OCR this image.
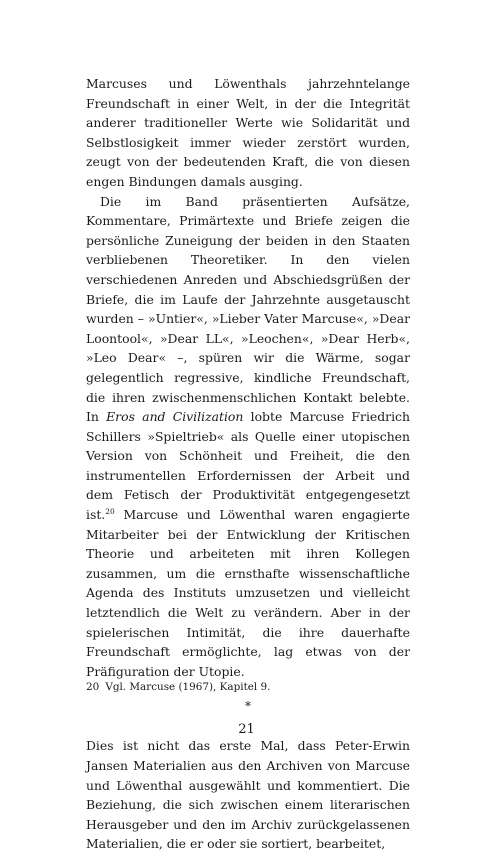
Marcuses und Löwenthals jahrzehntelange Freundschaft in einer Welt, in der die Integrität anderer traditioneller Werte wie Solidarität und Selbstlosigkeit immer wieder zerstört wurden, zeugt von der bedeutenden Kraft, die von diesen engen Bindungen damals ausging.

Die im Band präsentierten Aufsätze, Kommentare, Primärtexte und Briefe zeigen die persönliche Zuneigung der beiden in den Staaten verbliebenen Theoretiker. In den vielen verschiedenen Anreden und Abschiedsgrüßen der Briefe, die im Laufe der Jahrzehnte ausgetauscht wurden – »Untier«, »Lieber Vater Marcuse«, »Dear Loontool«, »Dear LL«, »Leochen«, »Dear Herb«, »Leo Dear« –, spüren wir die Wärme, sogar gelegentlich regressive, kindliche Freundschaft, die ihren zwischenmenschlichen Kontakt belebte. In Eros and Civilization lobte Marcuse Friedrich Schillers »Spieltrieb« als Quelle einer utopischen Version von Schönheit und Freiheit, die den instrumentellen Erfordernissen der Arbeit und dem Fetisch der Produktivität entgegengesetzt ist.$^{20}$ Marcuse und Löwenthal waren engagierte Mitarbeiter bei der Entwicklung der Kritischen Theorie und arbeiteten mit ihren Kollegen zusammen, um die ernsthafte wissenschaftliche Agenda des Instituts umzusetzen und vielleicht letztendlich die Welt zu verändern. Aber in der spielerischen Intimität, die ihre dauerhafte Freundschaft ermöglichte, lag etwas von der Präfiguration der Utopie.

*

Dies ist nicht das erste Mal, dass Peter-Erwin Jansen Materialien aus den Archiven von Marcuse und Löwenthal ausgewählt und kommentiert. Die Beziehung, die sich zwischen einem literarischen Herausgeber und den im Archiv zurückgelassenen Materialien, die er oder sie sortiert, bearbeitet,

20 Vgl. Marcuse (1967), Kapitel 9.
21
